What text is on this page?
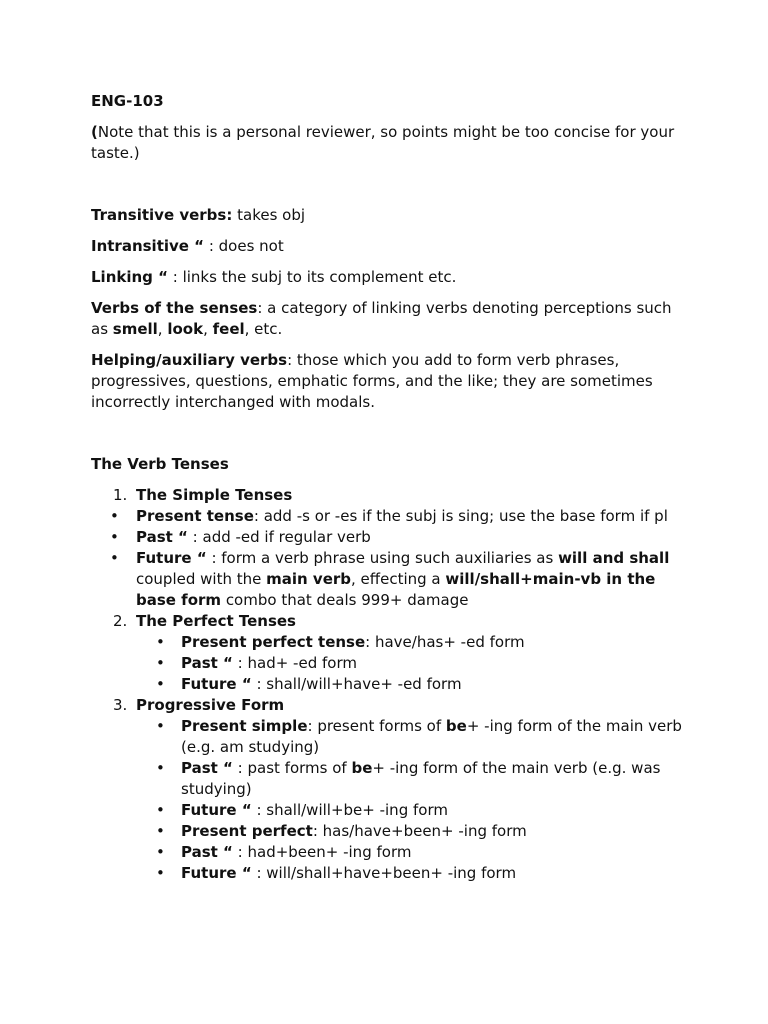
ENG-103

(Note that this is a personal reviewer, so points might be too concise for your taste.)

Transitive verbs: takes obj

Intransitive “ : does not

Linking “ : links the subj to its complement etc.

Verbs of the senses: a category of linking verbs denoting perceptions such as smell, look, feel, etc.

Helping/auxiliary verbs: those which you add to form verb phrases, progressives, questions, emphatic forms, and the like; they are sometimes incorrectly interchanged with modals.

The Verb Tenses

1. The Simple Tenses
• Present tense: add -s or -es if the subj is sing; use the base form if pl
• Past “ : add -ed if regular verb
• Future “ : form a verb phrase using such auxiliaries as will and shall coupled with the main verb, effecting a will/shall+main-vb in the base form combo that deals 999+ damage
2. The Perfect Tenses
• Present perfect tense: have/has+ -ed form
• Past “ : had+ -ed form
• Future “ : shall/will+have+ -ed form
3. Progressive Form
• Present simple: present forms of be+ -ing form of the main verb (e.g. am studying)
• Past “ : past forms of be+ -ing form of the main verb (e.g. was studying)
• Future “ : shall/will+be+ -ing form
• Present perfect: has/have+been+ -ing form
• Past “ : had+been+ -ing form
• Future “ : will/shall+have+been+ -ing form
